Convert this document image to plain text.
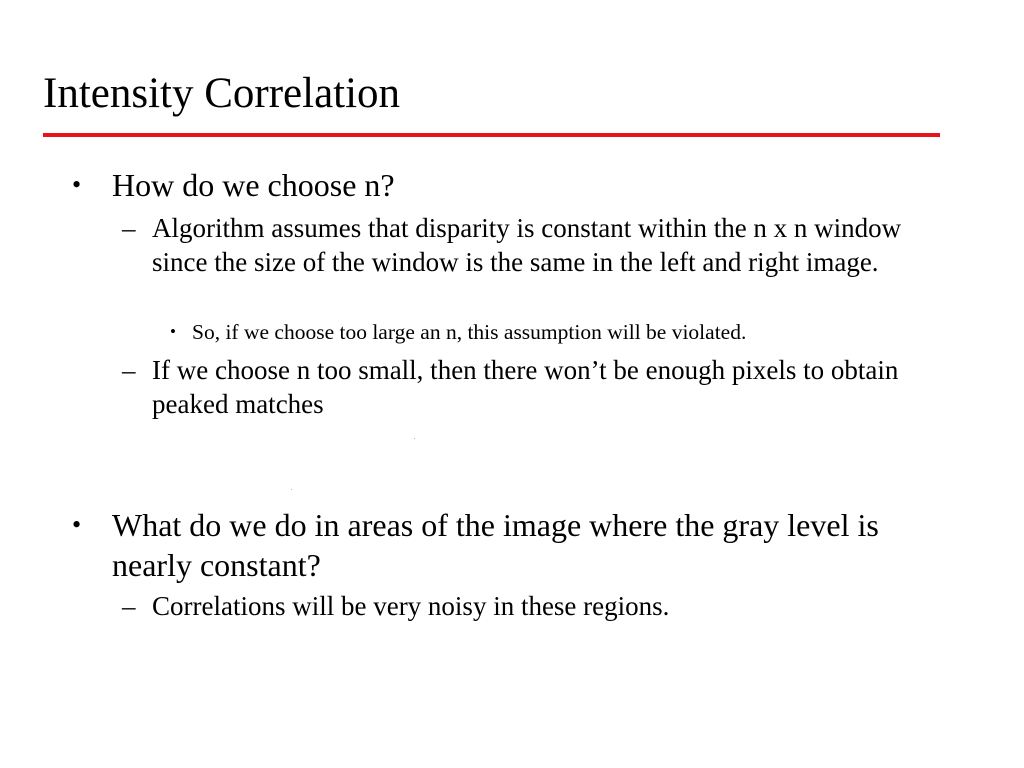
Intensity Correlation
• How do we choose n?
– Algorithm assumes that disparity is constant within the n x n window since the size of the window is the same in the left and right image.
• So, if we choose too large an n, this assumption will be violated.
– If we choose n too small, then there won’t be enough pixels to obtain peaked matches
• What do we do in areas of the image where the gray level is nearly constant?
– Correlations will be very noisy in these regions.
